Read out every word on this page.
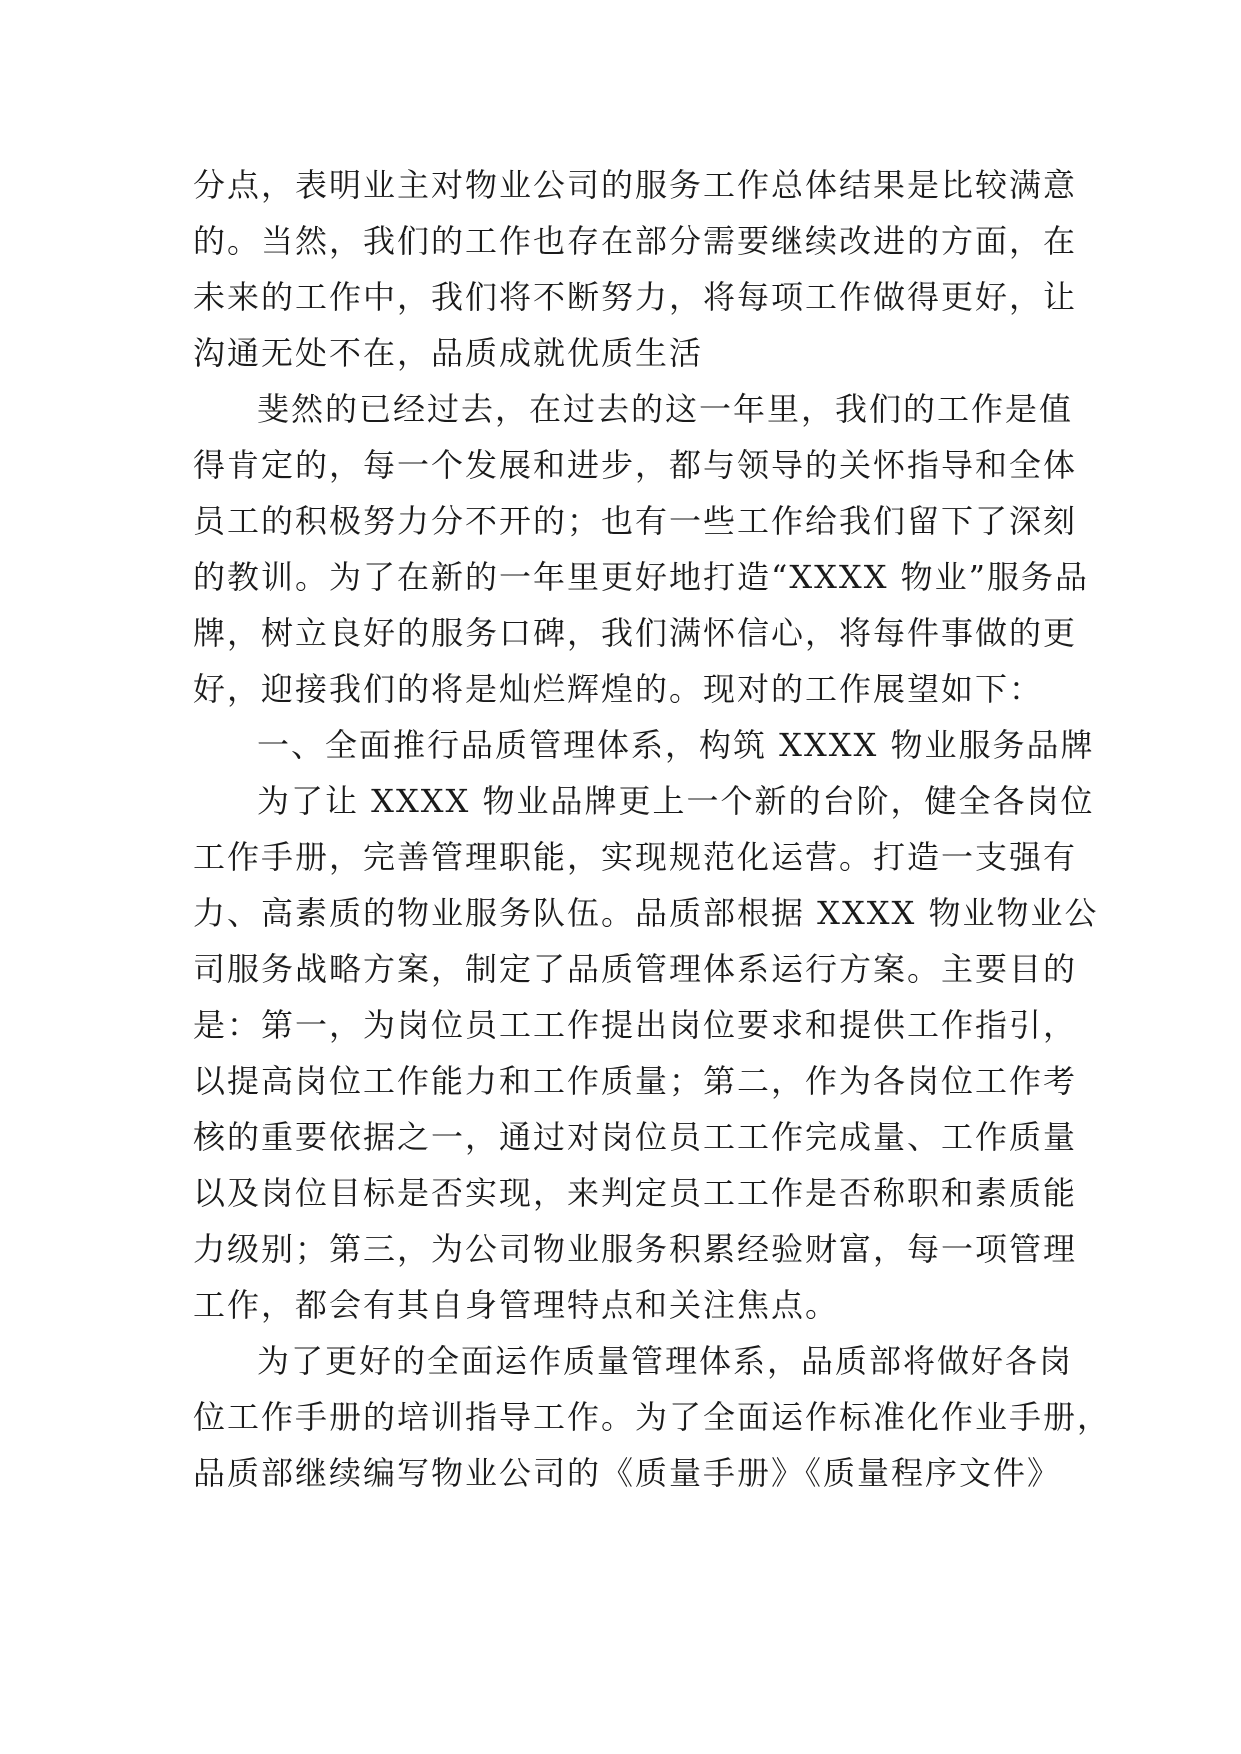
分点，表明业主对物业公司的服务工作总体结果是比较满意
的。当然，我们的工作也存在部分需要继续改进的方面，在
未来的工作中，我们将不断努力，将每项工作做得更好，让
沟通无处不在，品质成就优质生活
斐然的已经过去，在过去的这一年里，我们的工作是值
得肯定的，每一个发展和进步，都与领导的关怀指导和全体
员工的积极努力分不开的；也有一些工作给我们留下了深刻
的教训。为了在新的一年里更好地打造“XXXX 物业”服务品
牌，树立良好的服务口碑，我们满怀信心，将每件事做的更
好，迎接我们的将是灿烂辉煌的。现对的工作展望如下：
一、全面推行品质管理体系，构筑 XXXX 物业服务品牌
为了让 XXXX 物业品牌更上一个新的台阶，健全各岗位
工作手册，完善管理职能，实现规范化运营。打造一支强有
力、高素质的物业服务队伍。品质部根据 XXXX 物业物业公
司服务战略方案，制定了品质管理体系运行方案。主要目的
是：第一，为岗位员工工作提出岗位要求和提供工作指引，
以提高岗位工作能力和工作质量；第二，作为各岗位工作考
核的重要依据之一，通过对岗位员工工作完成量、工作质量
以及岗位目标是否实现，来判定员工工作是否称职和素质能
力级别；第三，为公司物业服务积累经验财富，每一项管理
工作，都会有其自身管理特点和关注焦点。
为了更好的全面运作质量管理体系，品质部将做好各岗
位工作手册的培训指导工作。为了全面运作标准化作业手册，
品质部继续编写物业公司的《质量手册》《质量程序文件》
